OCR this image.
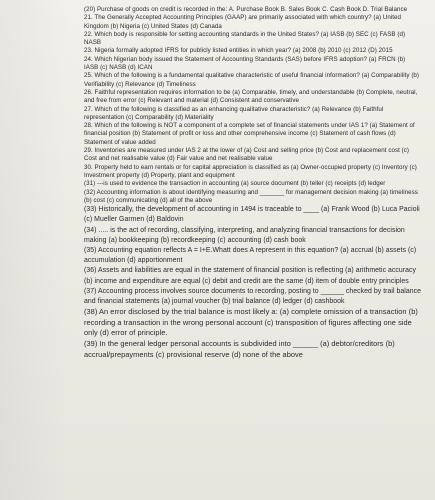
(20) Purchase of goods on credit is recorded in the: A. Purchase Book B. Sales Book C. Cash Book D. Trial Balance
21. The Generally Accepted Accounting Principles (GAAP) are primarily associated with which country? (a) United Kingdom (b) Nigeria (c) United States (d) Canada
22. Which body is responsible for setting accounting standards in the United States? (a) IASB (b) SEC (c) FASB (d) NASB
23. Nigeria formally adopted IFRS for publicly listed entities in which year? (a) 2008 (b) 2010 (c) 2012 (D) 2015
24. Which Nigerian body issued the Statement of Accounting Standards (SAS) before IFRS adoption? (a) FRCN (b) IASB (c) NASB (d) ICAN
25. Which of the following is a fundamental qualitative characteristic of useful financial information? (a) Comparability (b) Verifiability (c) Relevance (d) Timeliness
26. Faithful representation requires information to be (a) Comparable, timely, and understandable (b) Complete, neutral, and free from error (c) Relevant and material (d) Consistent and conservative
27. Which of the following is classified as an enhancing qualitative characteristic? (a) Relevance (b) Faithful representation (c) Comparability (d) Materiality
28. Which of the following is NOT a component of a complete set of financial statements under IAS 1? (a) Statement of financial position (b) Statement of profit or loss and other comprehensive income (c) Statement of cash flows (d) Statement of value added
29. Inventories are measured under IAS 2 at the lower of (a) Cost and selling price (b) Cost and replacement cost (c) Cost and net realisable value (d) Fair value and net realisable value
30. Property held to earn rentals or for capital appreciation is classified as (a) Owner-occupied property (c) Inventory (c) Investment property (d) Property, plant and equipment
(31) ---is used to evidence the transaction in accounting (a) source document (b) teller (c) receipts (d) ledger
(32) Accounting information is about identifying measuring and _______ for management decision making (a) timeliness (b) cost (c) communicating (d) all of the above
(33) Historically, the development of accounting in 1494 is traceable to ____ (a) Frank Wood (b) Luca Pacioli (c) Mueller Garmen (d) Baldovin
(34) ..... is the act of recording, classifying, interpreting, and analyzing financial transactions for decision making (a) bookkeeping (b) recordkeeping (c) accounting (d) cash book
(35) Accounting equation reflects A = I+E.Whatt does A represent in this equation? (a) accrual (b) assets (c) accumulation (d) apportionment
(36) Assets and liabilities are equal in the statement of financial position is reflecting (a) arithmetic accuracy (b) income and expenditure are equal (c) debit and credit are the same (d) item of double entry principles
(37) Accounting process involves source documents to recording, posting to ______ checked by trail balance and financial statements (a) journal voucher (b) trial balance (d) ledger (d) cashbook
(38) An error disclosed by the trial balance is most likely a: (a) complete omission of a transaction (b) recording a transaction in the wrong personal account (c) transposition of figures affecting one side only (d) error of principle.
(39) In the general ledger personal accounts is subdivided into ______ (a) debtor/creditors (b) accrual/prepayments (c) provisional reserve (d) none of the above
